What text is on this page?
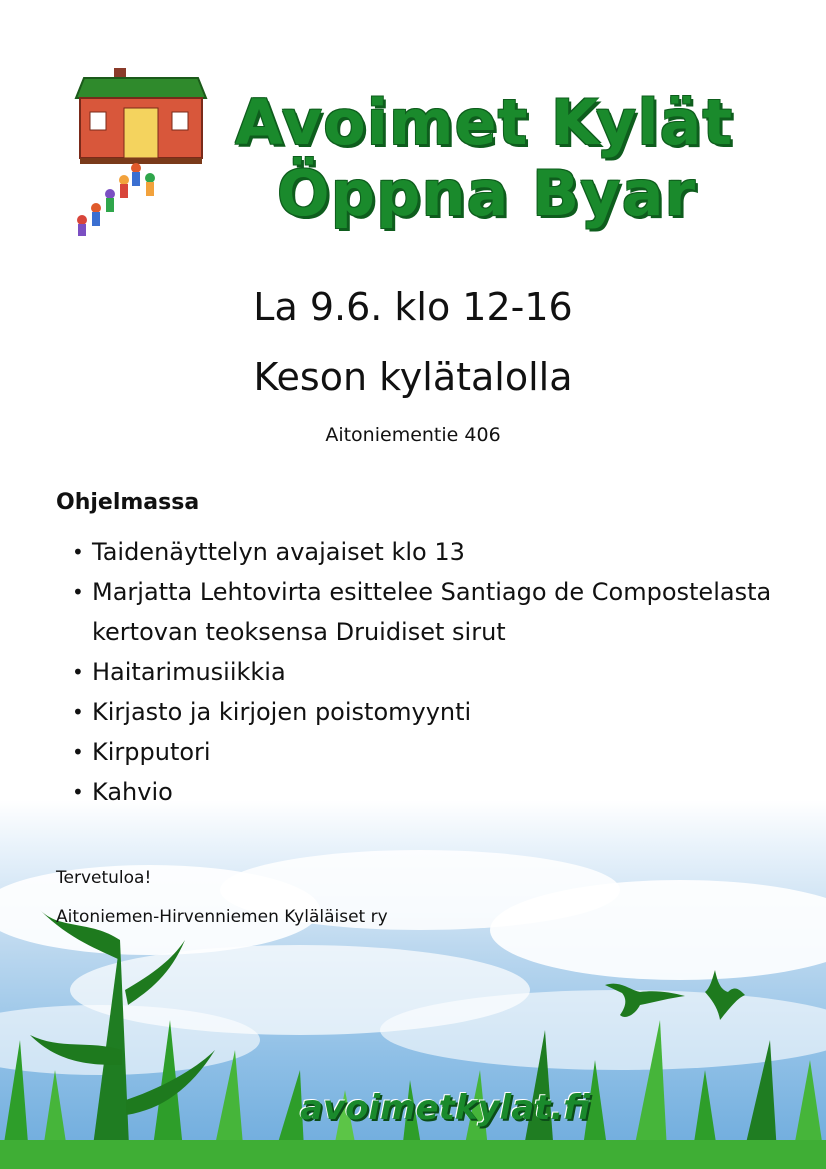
Avoimet Kylät
Öppna Byar
La 9.6. klo 12-16
Keson kylätalolla
Aitoniementie 406
Ohjelmassa
• Taidenäyttelyn avajaiset klo 13
• Marjatta Lehtovirta esittelee Santiago de Compostelasta kertovan teoksensa Druidiset sirut
• Haitarimusiikkia
• Kirjasto ja kirjojen poistomyynti
• Kirpputori
• Kahvio
Tervetuloa!
Aitoniemen-Hirvenniemen Kyläläiset ry
avoimetkylat.fi
